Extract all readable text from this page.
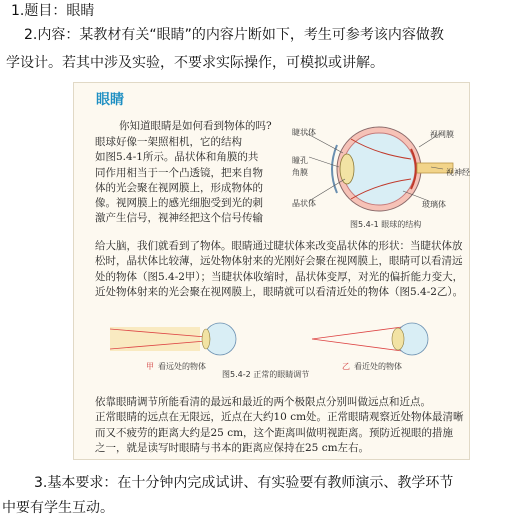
1.题目：眼睛
2.内容：某教材有关“眼睛”的内容片断如下，考生可参考该内容做教
学设计。若其中涉及实验，不要求实际操作，可模拟或讲解。
眼睛
你知道眼睛是如何看到物体的吗?
眼球好像一架照相机，它的结构
如图5.4-1所示。晶状体和角膜的共
同作用相当于一个凸透镜，把来自物
体的光会聚在视网膜上，形成物体的
像。视网膜上的感光细胞受到光的刺
激产生信号，视神经把这个信号传输
睫状体
瞳孔
角膜
晶状体
视网膜
视神经
玻璃体
图5.4-1 眼球的结构
给大脑，我们就看到了物体。眼睛通过睫状体来改变晶状体的形状：当睫状体放
松时，晶状体比较薄，远处物体射来的光刚好会聚在视网膜上，眼睛可以看清远
处的物体（图5.4-2甲）；当睫状体收缩时，晶状体变厚，对光的偏折能力变大，
近处物体射来的光会聚在视网膜上，眼睛就可以看清近处的物体（图5.4-2乙）。
甲 看远处的物体	乙 看近处的物体
图5.4-2 正常的眼睛调节
依靠眼睛调节所能看清的最远和最近的两个极限点分别叫做远点和近点。
正常眼睛的远点在无限远，近点在大约10 cm处。正常眼睛观察近处物体最清晰
而又不疲劳的距离大约是25 cm，这个距离叫做明视距离。预防近视眼的措施
之一，就是读写时眼睛与书本的距离应保持在25 cm左右。
3.基本要求：在十分钟内完成试讲、有实验要有教师演示、教学环节
中要有学生互动。
